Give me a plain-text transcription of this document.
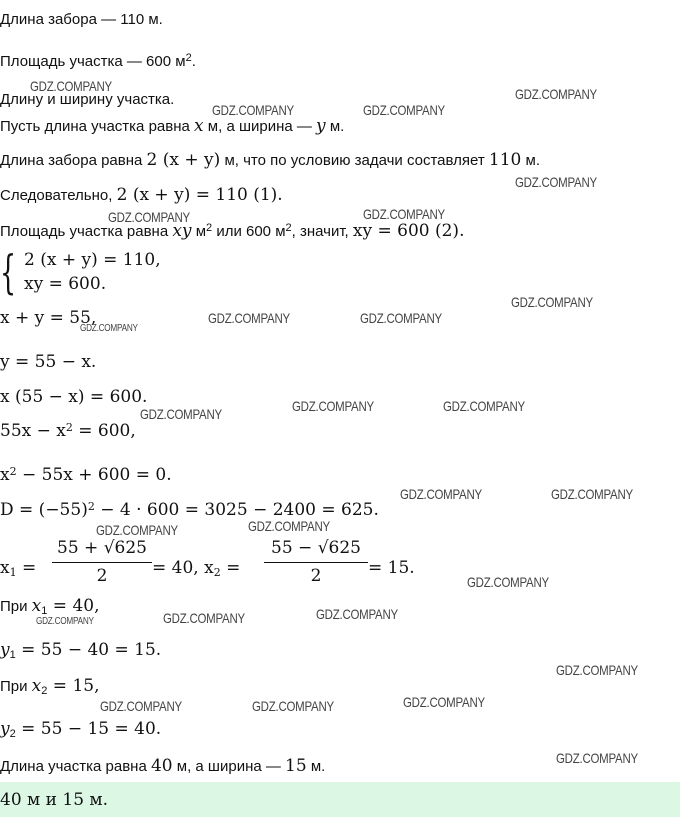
Длина забора — 110 м.
Площадь участка — 600 $м^2$.
Длину и ширину участка.
Пусть длина участка равна x м, а ширина — y м.
Длина забора равна 2 (x + y) м, что по условию задачи составляет 110 м.
Следовательно, 2 (x + y) = 110 (1).
Площадь участка равна xy $м^2$ или 600 $м^2$, значит, xy = 600 (2).
{ 2 (x + y) = 110,
xy = 600.
x + y = 55,
y = 55 − x.
x (55 − x) = 600.
$55x - x^2 = 600$,
$x^2 - 55x + 600 = 0$.
$D = (-55)^2 - 4 \cdot 600 = 3025 - 2400 = 625$.
$x_1$ =
55 + √625
2	= 40, $x_2$ =
55 − √625
2	= 15.
При $x_1 = 40$,
$y_1 = 55 - 40 = 15$.
При $x_2 = 15$,
$y_2 = 55 - 15 = 40$.
Длина участка равна 40 м, а ширина — 15 м.
40 м и 15 м.
GDZ.COMPANY
GDZ.COMPANY	GDZ.COMPANY
GDZ.COMPANY
GDZ.COMPANY
GDZ.COMPANY	GDZ.COMPANY
GDZ.COMPANY
GDZ.COMPANY
GDZ.COMPANY	GDZ.COMPANY
GDZ.COMPANY	GDZ.COMPANY	GDZ.COMPANY
GDZ.COMPANY	GDZ.COMPANY
GDZ.COMPANY	GDZ.COMPANY
GDZ.COMPANY
GDZ.COMPANY	GDZ.COMPANY	GDZ.COMPANY
GDZ.COMPANY
GDZ.COMPANY	GDZ.COMPANY	GDZ.COMPANY
GDZ.COMPANY
